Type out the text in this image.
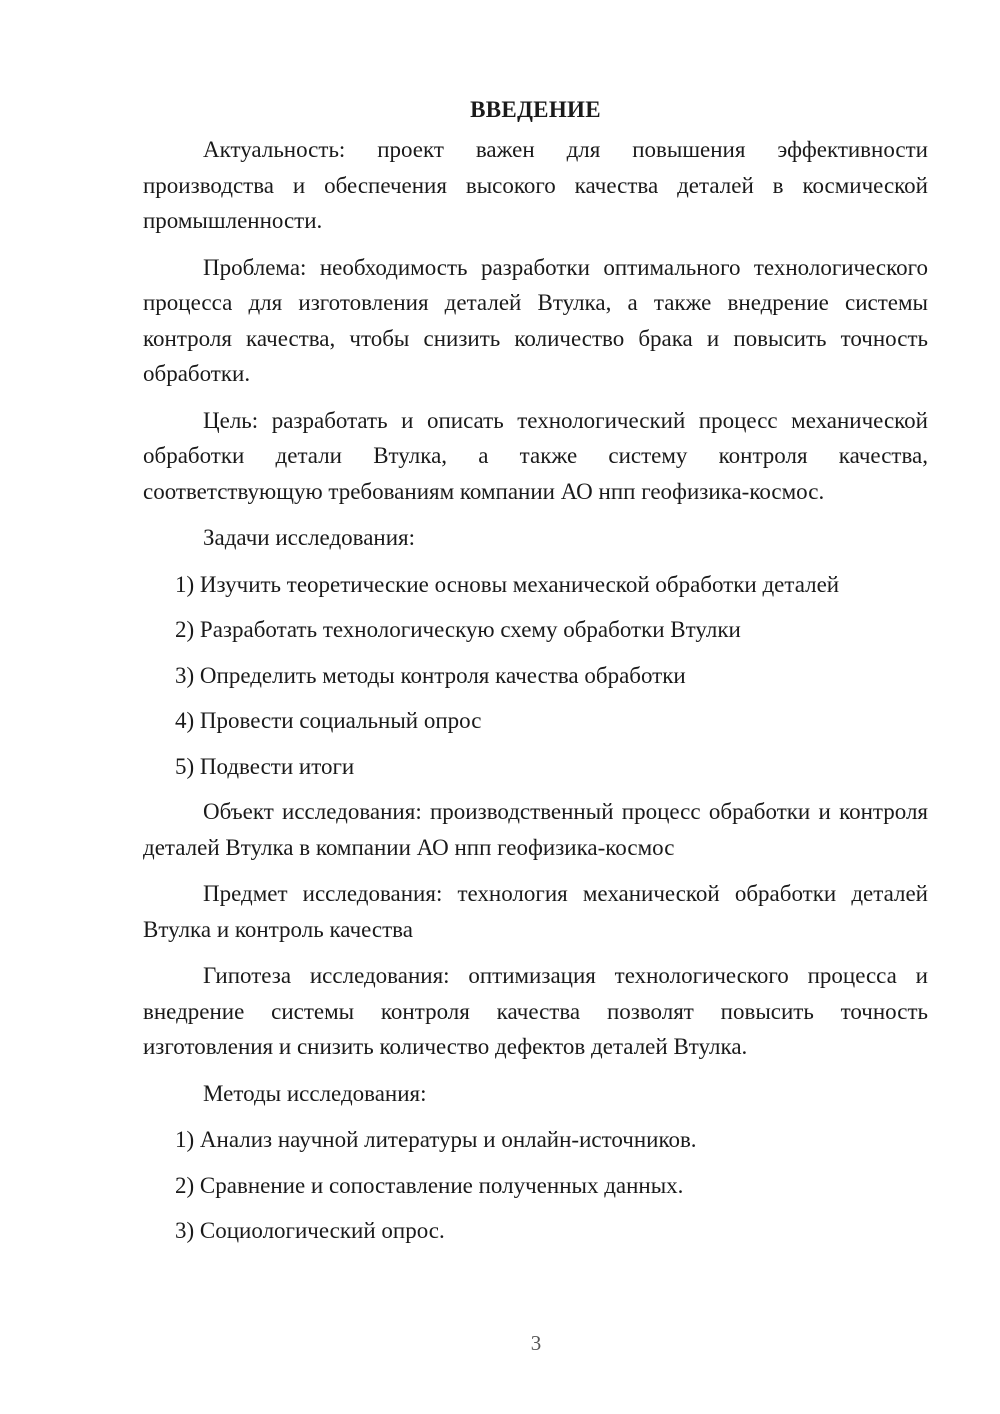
ВВЕДЕНИЕ

Актуальность: проект важен для повышения эффективности производства и обеспечения высокого качества деталей в космической промышленности.

Проблема: необходимость разработки оптимального технологического процесса для изготовления деталей Втулка, а также внедрение системы контроля качества, чтобы снизить количество брака и повысить точность обработки.

Цель: разработать и описать технологический процесс механической обработки детали Втулка, а также систему контроля качества, соответствующую требованиям компании АО нпп геофизика-космос.

Задачи исследования:

1) Изучить теоретические основы механической обработки деталей
2) Разработать технологическую схему обработки Втулки
3) Определить методы контроля качества обработки
4) Провести социальный опрос
5) Подвести итоги

Объект исследования: производственный процесс обработки и контроля деталей Втулка в компании АО нпп геофизика-космос

Предмет исследования: технология механической обработки деталей Втулка и контроль качества

Гипотеза исследования: оптимизация технологического процесса и внедрение системы контроля качества позволят повысить точность изготовления и снизить количество дефектов деталей Втулка.

Методы исследования:

1) Анализ научной литературы и онлайн-источников.
2) Сравнение и сопоставление полученных данных.
3) Социологический опрос.
3
